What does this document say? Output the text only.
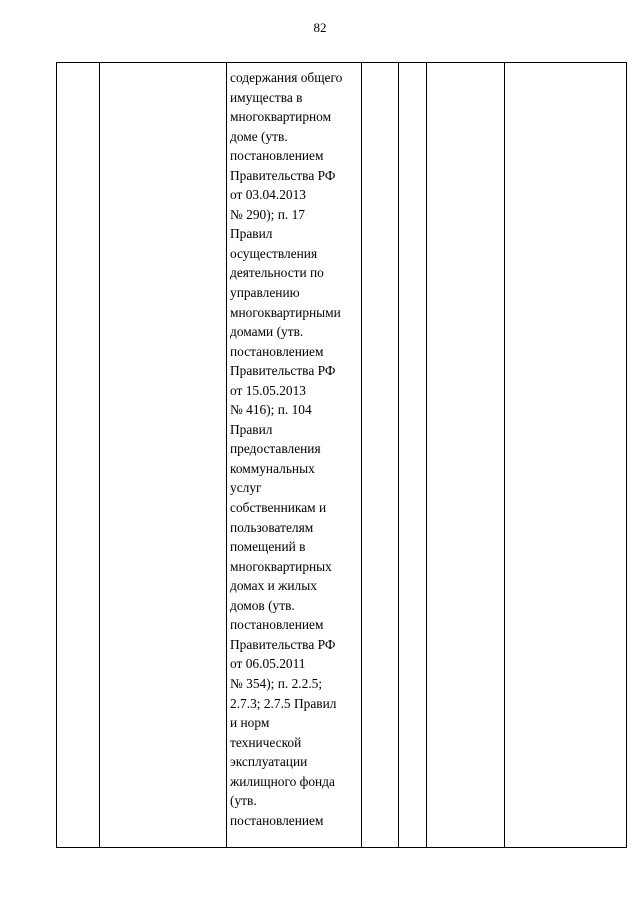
82

содержания общего
имущества в
многоквартирном
доме (утв.
постановлением
Правительства РФ
от 03.04.2013
№ 290); п. 17
Правил
осуществления
деятельности по
управлению
многоквартирными
домами (утв.
постановлением
Правительства РФ
от 15.05.2013
№ 416); п. 104
Правил
предоставления
коммунальных
услуг
собственникам и
пользователям
помещений в
многоквартирных
домах и жилых
домов (утв.
постановлением
Правительства РФ
от 06.05.2011
№ 354); п. 2.2.5;
2.7.3; 2.7.5 Правил
и норм
технической
эксплуатации
жилищного фонда
(утв.
постановлением
